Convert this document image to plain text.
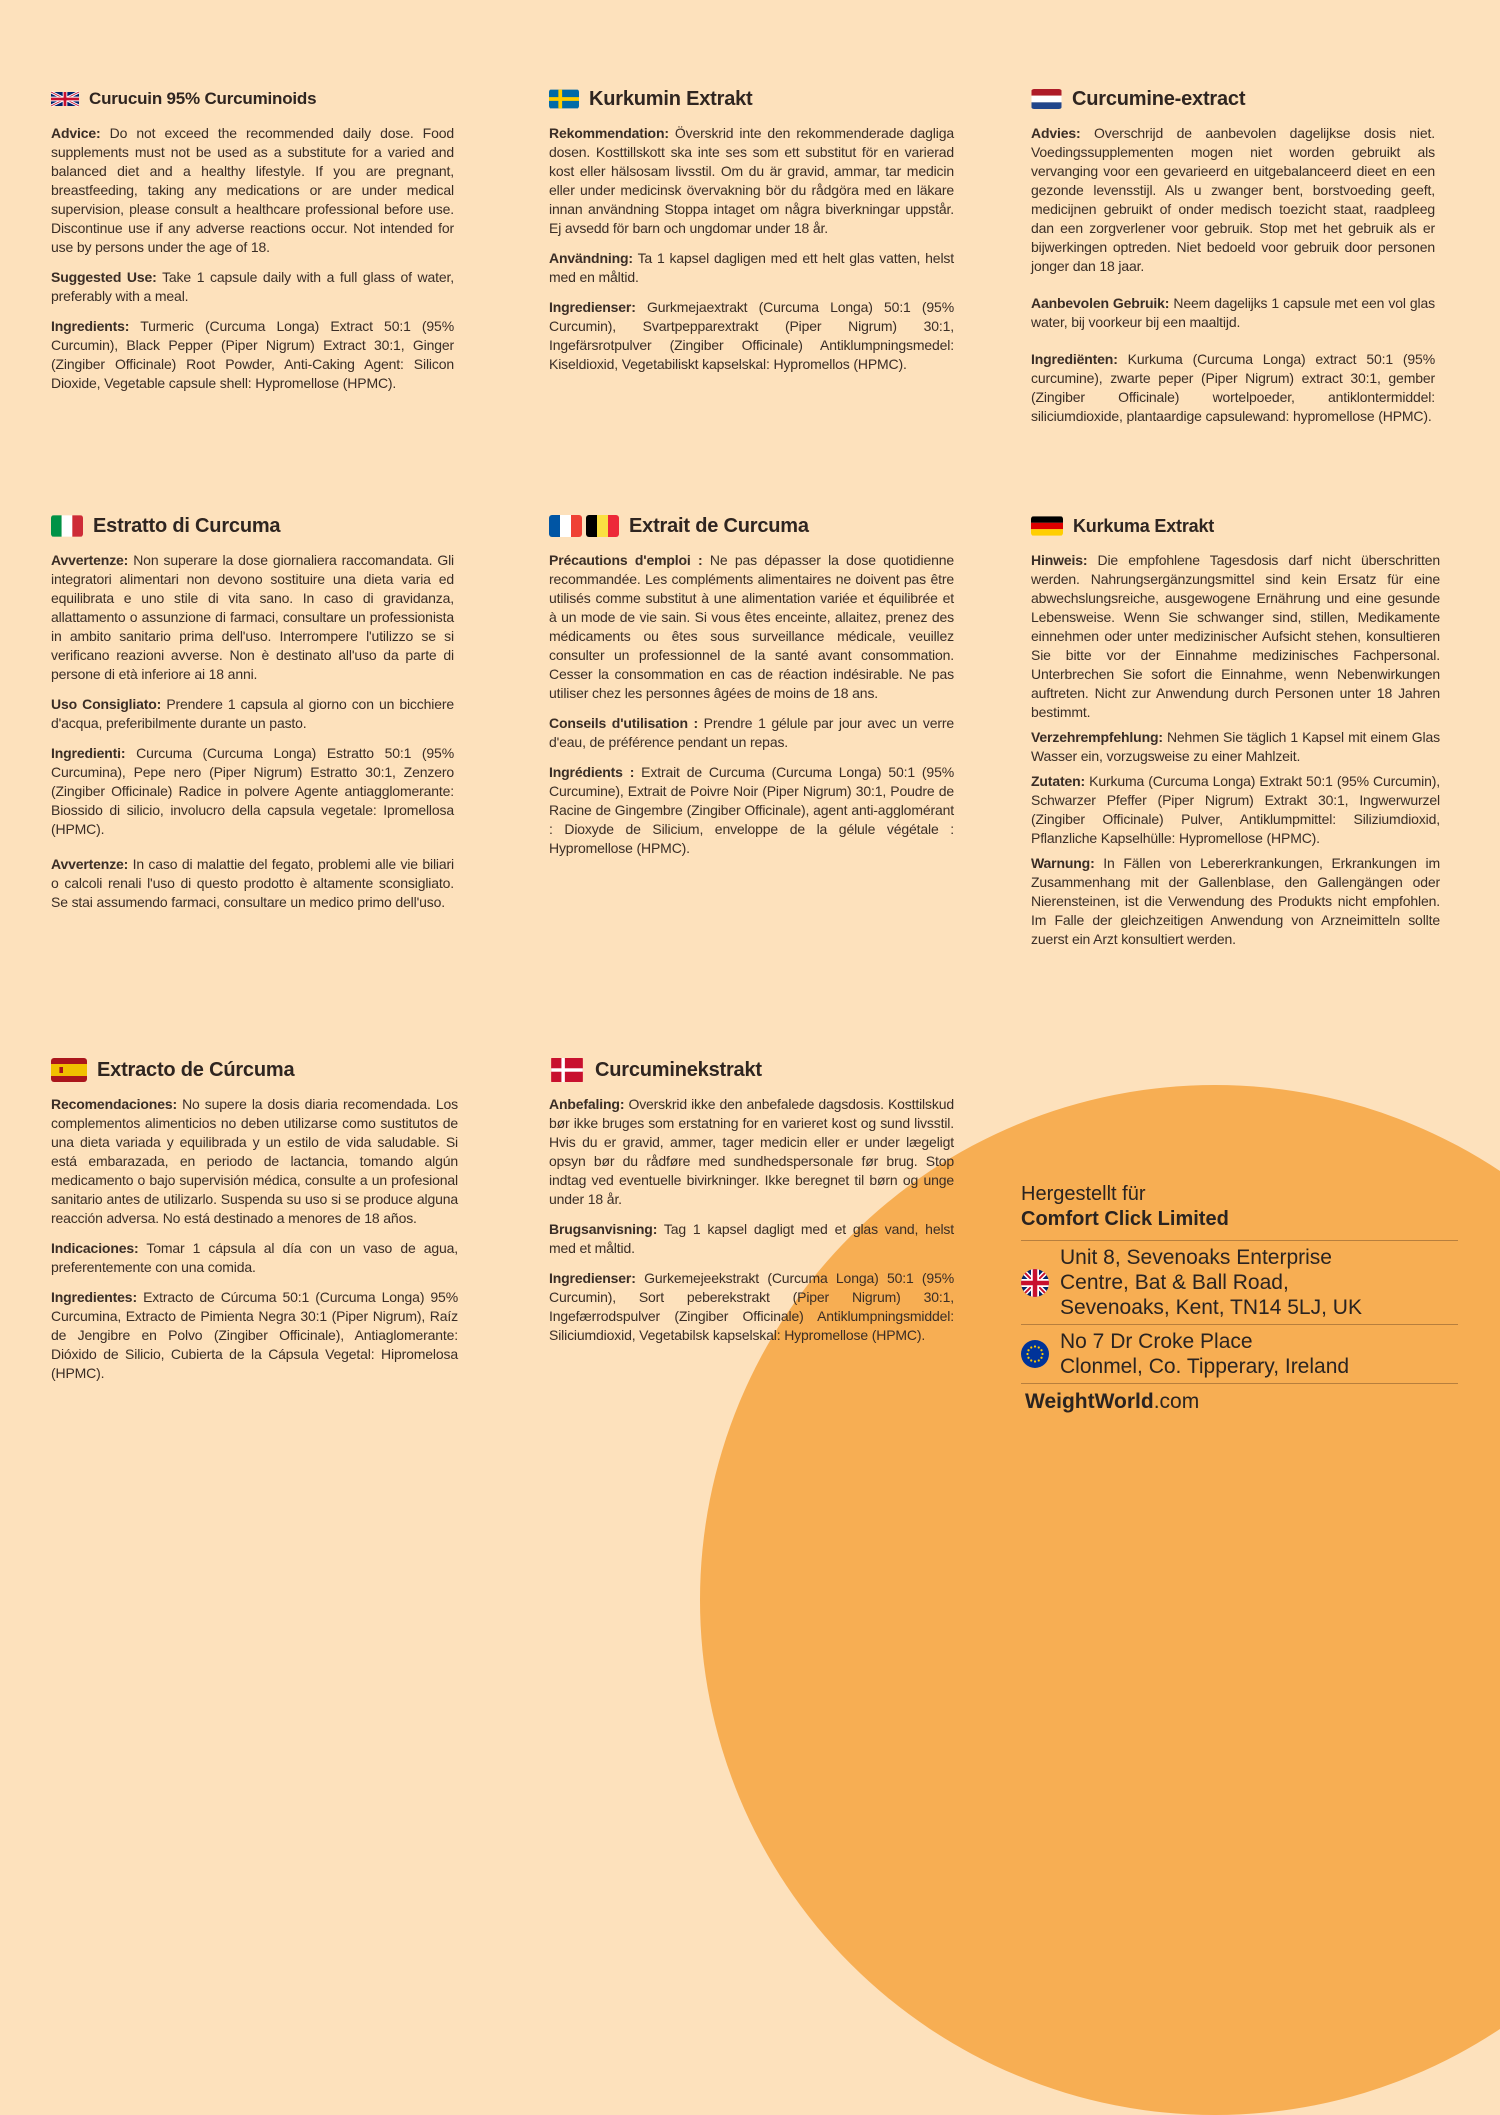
Curucuin 95% Curcuminoids

Advice: Do not exceed the recommended daily dose. Food supplements must not be used as a substitute for a varied and balanced diet and a healthy lifestyle. If you are pregnant, breastfeeding, taking any medications or are under medical supervision, please consult a healthcare professional before use. Discontinue use if any adverse reactions occur. Not intended for use by persons under the age of 18.

Suggested Use: Take 1 capsule daily with a full glass of water, preferably with a meal.

Ingredients: Turmeric (Curcuma Longa) Extract 50:1 (95% Curcumin), Black Pepper (Piper Nigrum) Extract 30:1, Ginger (Zingiber Officinale) Root Powder, Anti-Caking Agent: Silicon Dioxide, Vegetable capsule shell: Hypromellose (HPMC).

Kurkumin Extrakt

Rekommendation: Överskrid inte den rekommenderade dagliga dosen. Kosttillskott ska inte ses som ett substitut för en varierad kost eller hälsosam livsstil. Om du är gravid, ammar, tar medicin eller under medicinsk övervakning bör du rådgöra med en läkare innan användning Stoppa intaget om några biverkningar uppstår. Ej avsedd för barn och ungdomar under 18 år.

Användning: Ta 1 kapsel dagligen med ett helt glas vatten, helst med en måltid.

Ingredienser: Gurkmejaextrakt (Curcuma Longa) 50:1 (95% Curcumin), Svartpepparextrakt (Piper Nigrum) 30:1, Ingefärsrotpulver (Zingiber Officinale) Antiklumpningsmedel: Kiseldioxid, Vegetabiliskt kapselskal: Hypromellos (HPMC).

Curcumine-extract

Advies: Overschrijd de aanbevolen dagelijkse dosis niet. Voedingssupplementen mogen niet worden gebruikt als vervanging voor een gevarieerd en uitgebalanceerd dieet en een gezonde levensstijl. Als u zwanger bent, borstvoeding geeft, medicijnen gebruikt of onder medisch toezicht staat, raadpleeg dan een zorgverlener voor gebruik. Stop met het gebruik als er bijwerkingen optreden. Niet bedoeld voor gebruik door personen jonger dan 18 jaar.

Aanbevolen Gebruik: Neem dagelijks 1 capsule met een vol glas water, bij voorkeur bij een maaltijd.

Ingrediënten: Kurkuma (Curcuma Longa) extract 50:1 (95% curcumine), zwarte peper (Piper Nigrum) extract 30:1, gember (Zingiber Officinale) wortelpoeder, antiklontermiddel: siliciumdioxide, plantaardige capsulewand: hypromellose (HPMC).

Estratto di Curcuma

Avvertenze: Non superare la dose giornaliera raccomandata. Gli integratori alimentari non devono sostituire una dieta varia ed equilibrata e uno stile di vita sano. In caso di gravidanza, allattamento o assunzione di farmaci, consultare un professionista in ambito sanitario prima dell'uso. Interrompere l'utilizzo se si verificano reazioni avverse. Non è destinato all'uso da parte di persone di età inferiore ai 18 anni.

Uso Consigliato: Prendere 1 capsula al giorno con un bicchiere d'acqua, preferibilmente durante un pasto.

Ingredienti: Curcuma (Curcuma Longa) Estratto 50:1 (95% Curcumina), Pepe nero (Piper Nigrum) Estratto 30:1, Zenzero (Zingiber Officinale) Radice in polvere Agente antiagglomerante: Biossido di silicio, involucro della capsula vegetale: Ipromellosa (HPMC).

Avvertenze: In caso di malattie del fegato, problemi alle vie biliari o calcoli renali l'uso di questo prodotto è altamente sconsigliato. Se stai assumendo farmaci, consultare un medico primo dell'uso.

Extrait de Curcuma

Précautions d'emploi : Ne pas dépasser la dose quotidienne recommandée. Les compléments alimentaires ne doivent pas être utilisés comme substitut à une alimentation variée et équilibrée et à un mode de vie sain. Si vous êtes enceinte, allaitez, prenez des médicaments ou êtes sous surveillance médicale, veuillez consulter un professionnel de la santé avant consommation. Cesser la consommation en cas de réaction indésirable. Ne pas utiliser chez les personnes âgées de moins de 18 ans.

Conseils d'utilisation : Prendre 1 gélule par jour avec un verre d'eau, de préférence pendant un repas.

Ingrédients : Extrait de Curcuma (Curcuma Longa) 50:1 (95% Curcumine), Extrait de Poivre Noir (Piper Nigrum) 30:1, Poudre de Racine de Gingembre (Zingiber Officinale), agent anti-agglomérant : Dioxyde de Silicium, enveloppe de la gélule végétale : Hypromellose (HPMC).

Kurkuma Extrakt

Hinweis: Die empfohlene Tagesdosis darf nicht überschritten werden. Nahrungsergänzungsmittel sind kein Ersatz für eine abwechslungsreiche, ausgewogene Ernährung und eine gesunde Lebensweise. Wenn Sie schwanger sind, stillen, Medikamente einnehmen oder unter medizinischer Aufsicht stehen, konsultieren Sie bitte vor der Einnahme medizinisches Fachpersonal. Unterbrechen Sie sofort die Einnahme, wenn Nebenwirkungen auftreten. Nicht zur Anwendung durch Personen unter 18 Jahren bestimmt.

Verzehrempfehlung: Nehmen Sie täglich 1 Kapsel mit einem Glas Wasser ein, vorzugsweise zu einer Mahlzeit.

Zutaten: Kurkuma (Curcuma Longa) Extrakt 50:1 (95% Curcumin), Schwarzer Pfeffer (Piper Nigrum) Extrakt 30:1, Ingwerwurzel (Zingiber Officinale) Pulver, Antiklumpmittel: Siliziumdioxid, Pflanzliche Kapselhülle: Hypromellose (HPMC).

Warnung: In Fällen von Lebererkrankungen, Erkrankungen im Zusammenhang mit der Gallenblase, den Gallengängen oder Nierensteinen, ist die Verwendung des Produkts nicht empfohlen. Im Falle der gleichzeitigen Anwendung von Arzneimitteln sollte zuerst ein Arzt konsultiert werden.

Extracto de Cúrcuma

Recomendaciones: No supere la dosis diaria recomendada. Los complementos alimenticios no deben utilizarse como sustitutos de una dieta variada y equilibrada y un estilo de vida saludable. Si está embarazada, en periodo de lactancia, tomando algún medicamento o bajo supervisión médica, consulte a un profesional sanitario antes de utilizarlo. Suspenda su uso si se produce alguna reacción adversa. No está destinado a menores de 18 años.

Indicaciones: Tomar 1 cápsula al día con un vaso de agua, preferentemente con una comida.

Ingredientes: Extracto de Cúrcuma 50:1 (Curcuma Longa) 95% Curcumina, Extracto de Pimienta Negra 30:1 (Piper Nigrum), Raíz de Jengibre en Polvo (Zingiber Officinale), Antiaglomerante: Dióxido de Silicio, Cubierta de la Cápsula Vegetal: Hipromelosa (HPMC).

Curcuminekstrakt

Anbefaling: Overskrid ikke den anbefalede dagsdosis. Kosttilskud bør ikke bruges som erstatning for en varieret kost og sund livsstil. Hvis du er gravid, ammer, tager medicin eller er under lægeligt opsyn bør du rådføre med sundhedspersonale før brug. Stop indtag ved eventuelle bivirkninger. Ikke beregnet til børn og unge under 18 år.

Brugsanvisning: Tag 1 kapsel dagligt med et glas vand, helst med et måltid.

Ingredienser: Gurkemejeekstrakt (Curcuma Longa) 50:1 (95% Curcumin), Sort peberekstrakt (Piper Nigrum) 30:1, Ingefærrodspulver (Zingiber Officinale) Antiklumpningsmiddel: Siliciumdioxid, Vegetabilsk kapselskal: Hypromellose (HPMC).

Hergestellt für
Comfort Click Limited
Unit 8, Sevenoaks Enterprise
Centre, Bat & Ball Road,
Sevenoaks, Kent, TN14 5LJ, UK
No 7 Dr Croke Place
Clonmel, Co. Tipperary, Ireland
WeightWorld.com
